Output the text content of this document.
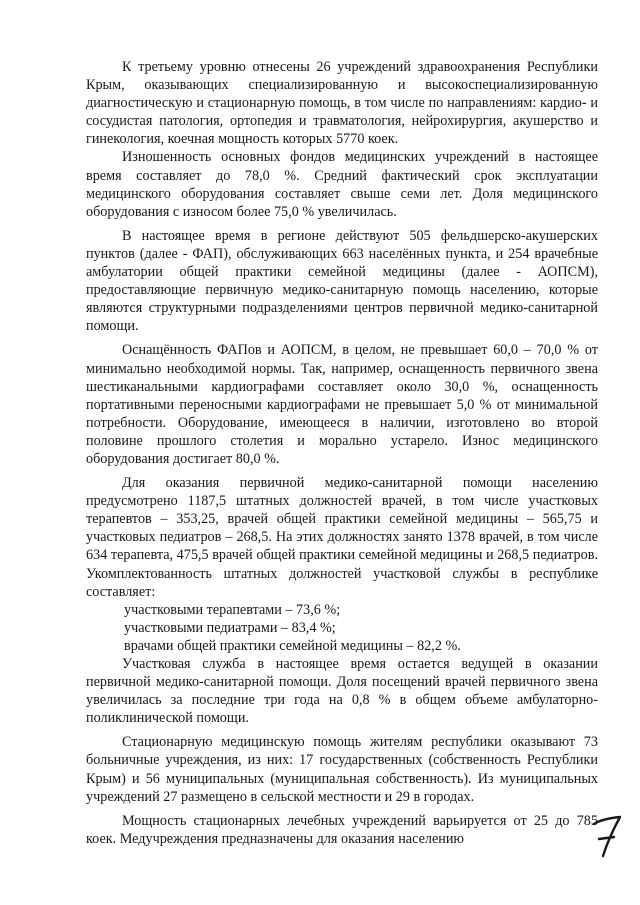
К третьему уровню отнесены 26 учреждений здравоохранения Республики Крым, оказывающих специализированную и высокоспециализированную диагностическую и стационарную помощь, в том числе по направлениям: кардио- и сосудистая патология, ортопедия и травматология, нейрохирургия, акушерство и гинекология, коечная мощность которых 5770 коек.

Изношенность основных фондов медицинских учреждений в настоящее время составляет до 78,0 %. Средний фактический срок эксплуатации медицинского оборудования составляет свыше семи лет. Доля медицинского оборудования с износом более 75,0 % увеличилась.

В настоящее время в регионе действуют 505 фельдшерско-акушерских пунктов (далее - ФАП), обслуживающих 663 населённых пункта, и 254 врачебные амбулатории общей практики семейной медицины (далее - АОПСМ), предоставляющие первичную медико-санитарную помощь населению, которые являются структурными подразделениями центров первичной медико-санитарной помощи.

Оснащённость ФАПов и АОПСМ, в целом, не превышает 60,0 – 70,0 % от минимально необходимой нормы. Так, например, оснащенность первичного звена шестиканальными кардиографами составляет около 30,0 %, оснащенность портативными переносными кардиографами не превышает 5,0 % от минимальной потребности. Оборудование, имеющееся в наличии, изготовлено во второй половине прошлого столетия и морально устарело. Износ медицинского оборудования достигает 80,0 %.

Для оказания первичной медико-санитарной помощи населению предусмотрено 1187,5 штатных должностей врачей, в том числе участковых терапевтов – 353,25, врачей общей практики семейной медицины – 565,75 и участковых педиатров – 268,5. На этих должностях занято 1378 врачей, в том числе 634 терапевта, 475,5 врачей общей практики семейной медицины и 268,5 педиатров. Укомплектованность штатных должностей участковой службы в республике составляет:

участковыми терапевтами – 73,6 %;
участковыми педиатрами – 83,4 %;
врачами общей практики семейной медицины – 82,2 %.

Участковая служба в настоящее время остается ведущей в оказании первичной медико-санитарной помощи. Доля посещений врачей первичного звена увеличилась за последние три года на 0,8 % в общем объеме амбулаторно-поликлинической помощи.

Стационарную медицинскую помощь жителям республики оказывают 73 больничные учреждения, из них: 17 государственных (собственность Республики Крым) и 56 муниципальных (муниципальная собственность). Из муниципальных учреждений 27 размещено в сельской местности и 29 в городах.

Мощность стационарных лечебных учреждений варьируется от 25 до 785 коек. Медучреждения предназначены для оказания населению
